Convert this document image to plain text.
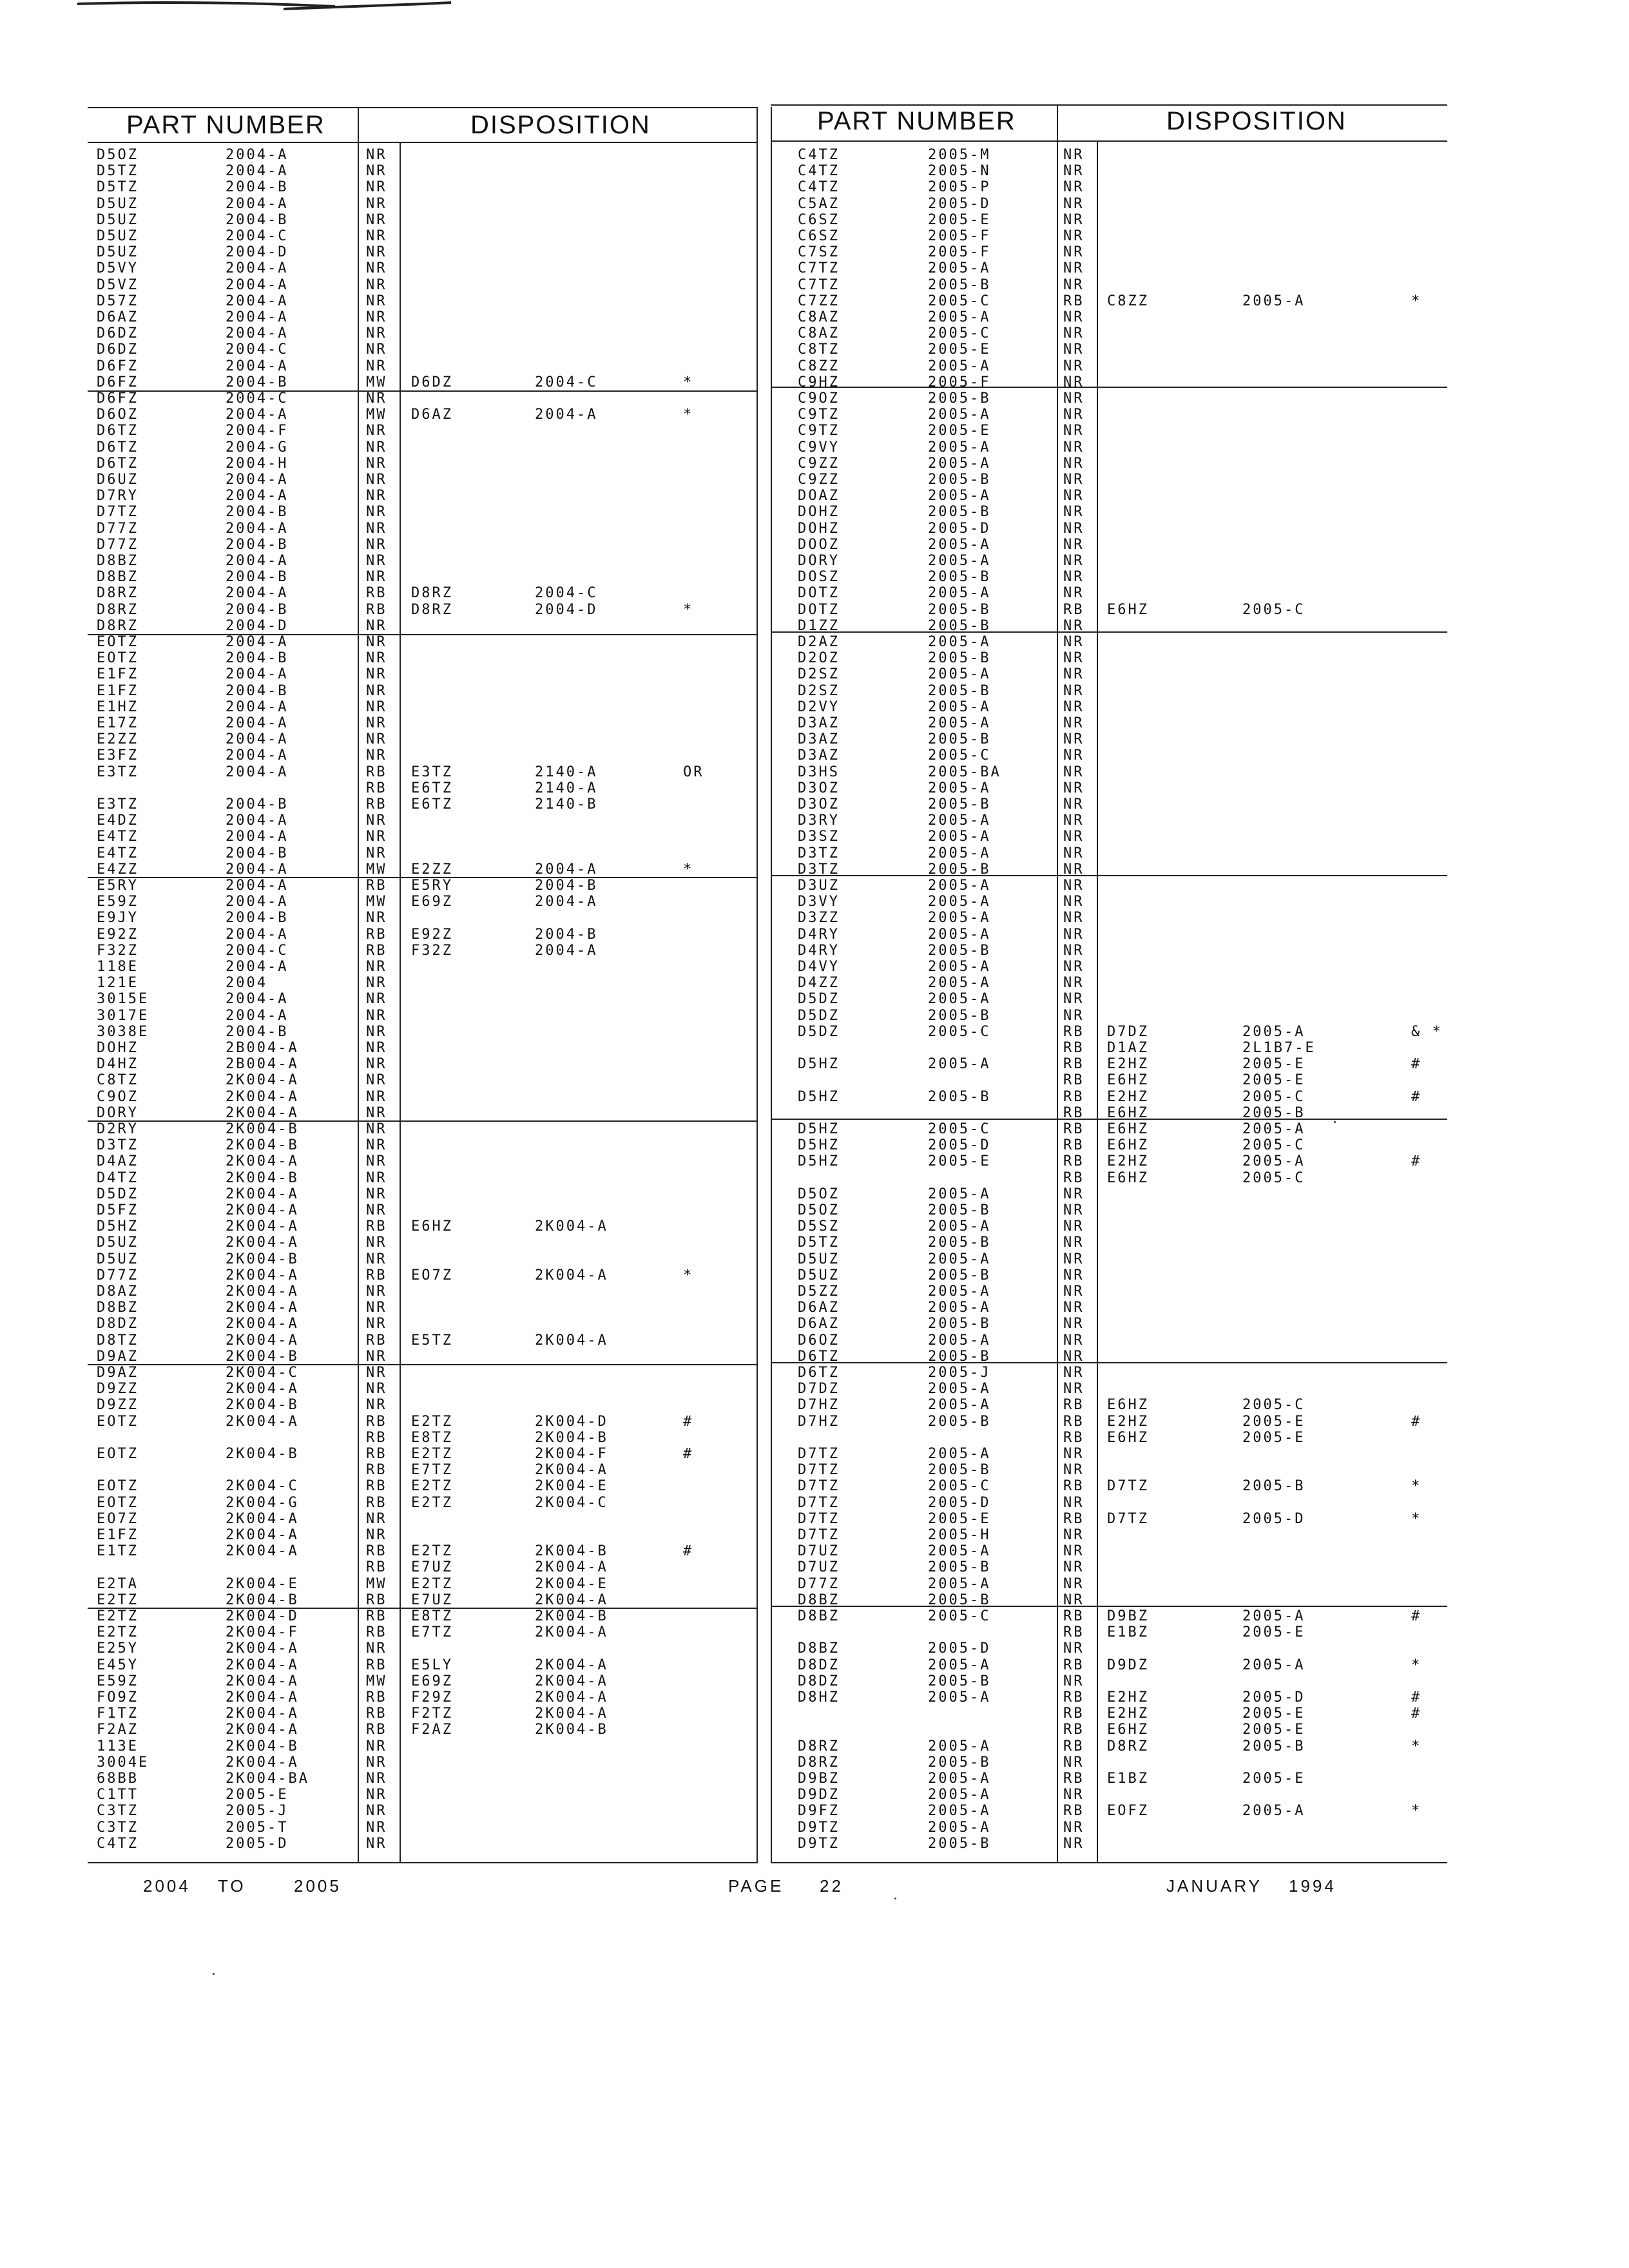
PART NUMBER	DISPOSITION	PART NUMBER	DISPOSITION
D5OZ	2004-A	NR
D5TZ	2004-A	NR
D5TZ	2004-B	NR
D5UZ	2004-A	NR
D5UZ	2004-B	NR
D5UZ	2004-C	NR
D5UZ	2004-D	NR
D5VY	2004-A	NR
D5VZ	2004-A	NR
D57Z	2004-A	NR
D6AZ	2004-A	NR
D6DZ	2004-A	NR
D6DZ	2004-C	NR
D6FZ	2004-A	NR
D6FZ	2004-B	MW D6DZ	2004-C	*
D6FZ	2004-C	NR
D6OZ	2004-A	MW D6AZ	2004-A	*
D6TZ	2004-F	NR
D6TZ	2004-G	NR
D6TZ	2004-H	NR
D6UZ	2004-A	NR
D7RY	2004-A	NR
D7TZ	2004-B	NR
D77Z	2004-A	NR
D77Z	2004-B	NR
D8BZ	2004-A	NR
D8BZ	2004-B	NR
D8RZ	2004-A	RB D8RZ	2004-C
D8RZ	2004-B	RB D8RZ	2004-D	*
D8RZ	2004-D	NR
EOTZ	2004-A	NR
EOTZ	2004-B	NR
E1FZ	2004-A	NR
E1FZ	2004-B	NR
E1HZ	2004-A	NR
E17Z	2004-A	NR
E2ZZ	2004-A	NR
E3FZ	2004-A	NR
E3TZ	2004-A	RB E3TZ	2140-A	OR
RB E6TZ	2140-A
E3TZ	2004-B	RB E6TZ	2140-B
E4DZ	2004-A	NR
E4TZ	2004-A	NR
E4TZ	2004-B	NR
E4ZZ	2004-A	MW E2ZZ	2004-A	*
E5RY	2004-A	RB E5RY	2004-B
E59Z	2004-A	MW E69Z	2004-A
E9JY	2004-B	NR
E92Z	2004-A	RB E92Z	2004-B
F32Z	2004-C	RB F32Z	2004-A
118E	2004-A	NR
121E	2004	NR
3015E	2004-A	NR
3017E	2004-A	NR
3038E	2004-B	NR
DOHZ	2B004-A	NR
D4HZ	2B004-A	NR
C8TZ	2K004-A	NR
C9OZ	2K004-A	NR
DORY	2K004-A	NR
D2RY	2K004-B	NR
D3TZ	2K004-B	NR
D4AZ	2K004-A	NR
D4TZ	2K004-B	NR
D5DZ	2K004-A	NR
D5FZ	2K004-A	NR
D5HZ	2K004-A	RB E6HZ	2K004-A
D5UZ	2K004-A	NR
D5UZ	2K004-B	NR
D77Z	2K004-A	RB EO7Z	2K004-A	*
D8AZ	2K004-A	NR
D8BZ	2K004-A	NR
D8DZ	2K004-A	NR
D8TZ	2K004-A	RB E5TZ	2K004-A
D9AZ	2K004-B	NR
D9AZ	2K004-C	NR
D9ZZ	2K004-A	NR
D9ZZ	2K004-B	NR
EOTZ	2K004-A	RB E2TZ	2K004-D	#
RB E8TZ	2K004-B
EOTZ	2K004-B	RB E2TZ	2K004-F	#
RB E7TZ	2K004-A
EOTZ	2K004-C	RB E2TZ	2K004-E
EOTZ	2K004-G	RB E2TZ	2K004-C
EO7Z	2K004-A	NR
E1FZ	2K004-A	NR
E1TZ	2K004-A	RB E2TZ	2K004-B	#
RB E7UZ	2K004-A
E2TA	2K004-E	MW E2TZ	2K004-E
E2TZ	2K004-B	RB E7UZ	2K004-A
E2TZ	2K004-D	RB E8TZ	2K004-B
E2TZ	2K004-F	RB E7TZ	2K004-A
E25Y	2K004-A	NR
E45Y	2K004-A	RB E5LY	2K004-A
E59Z	2K004-A	MW E69Z	2K004-A
FO9Z	2K004-A	RB F29Z	2K004-A
F1TZ	2K004-A	RB F2TZ	2K004-A
F2AZ	2K004-A	RB F2AZ	2K004-B
113E	2K004-B	NR
3004E	2K004-A	NR
68BB	2K004-BA	NR
C1TT	2005-E	NR
C3TZ	2005-J	NR
C3TZ	2005-T	NR
C4TZ	2005-D	NR
C4TZ	2005-M	NR
C4TZ	2005-N	NR
C4TZ	2005-P	NR
C5AZ	2005-D	NR
C6SZ	2005-E	NR
C6SZ	2005-F	NR
C7SZ	2005-F	NR
C7TZ	2005-A	NR
C7TZ	2005-B	NR
C7ZZ	2005-C	RB C8ZZ	2005-A	*
C8AZ	2005-A	NR
C8AZ	2005-C	NR
C8TZ	2005-E	NR
C8ZZ	2005-A	NR
C9HZ	2005-F	NR
C9OZ	2005-B	NR
C9TZ	2005-A	NR
C9TZ	2005-E	NR
C9VY	2005-A	NR
C9ZZ	2005-A	NR
C9ZZ	2005-B	NR
DOAZ	2005-A	NR
DOHZ	2005-B	NR
DOHZ	2005-D	NR
DOOZ	2005-A	NR
DORY	2005-A	NR
DOSZ	2005-B	NR
DOTZ	2005-A	NR
DOTZ	2005-B	RB E6HZ	2005-C
D1ZZ	2005-B	NR
D2AZ	2005-A	NR
D2OZ	2005-B	NR
D2SZ	2005-A	NR
D2SZ	2005-B	NR
D2VY	2005-A	NR
D3AZ	2005-A	NR
D3AZ	2005-B	NR
D3AZ	2005-C	NR
D3HS	2005-BA	NR
D3OZ	2005-A	NR
D3OZ	2005-B	NR
D3RY	2005-A	NR
D3SZ	2005-A	NR
D3TZ	2005-A	NR
D3TZ	2005-B	NR
D3UZ	2005-A	NR
D3VY	2005-A	NR
D3ZZ	2005-A	NR
D4RY	2005-A	NR
D4RY	2005-B	NR
D4VY	2005-A	NR
D4ZZ	2005-A	NR
D5DZ	2005-A	NR
D5DZ	2005-B	NR
D5DZ	2005-C	RB D7DZ	2005-A	& *
RB D1AZ	2L1B7-E
D5HZ	2005-A	RB E2HZ	2005-E	#
RB E6HZ	2005-E
D5HZ	2005-B	RB E2HZ	2005-C	#
RB E6HZ	2005-B
D5HZ	2005-C	RB E6HZ	2005-A
D5HZ	2005-D	RB E6HZ	2005-C
D5HZ	2005-E	RB E2HZ	2005-A	#
RB E6HZ	2005-C
D5OZ	2005-A	NR
D5OZ	2005-B	NR
D5SZ	2005-A	NR
D5TZ	2005-B	NR
D5UZ	2005-A	NR
D5UZ	2005-B	NR
D5ZZ	2005-A	NR
D6AZ	2005-A	NR
D6AZ	2005-B	NR
D6OZ	2005-A	NR
D6TZ	2005-B	NR
D6TZ	2005-J	NR
D7DZ	2005-A	NR
D7HZ	2005-A	RB E6HZ	2005-C
D7HZ	2005-B	RB E2HZ	2005-E	#
RB E6HZ	2005-E
D7TZ	2005-A	NR
D7TZ	2005-B	NR
D7TZ	2005-C	RB D7TZ	2005-B	*
D7TZ	2005-D	NR
D7TZ	2005-E	RB D7TZ	2005-D	*
D7TZ	2005-H	NR
D7UZ	2005-A	NR
D7UZ	2005-B	NR
D77Z	2005-A	NR
D8BZ	2005-B	NR
D8BZ	2005-C	RB D9BZ	2005-A	#
RB E1BZ	2005-E
D8BZ	2005-D	NR
D8DZ	2005-A	RB D9DZ	2005-A	*
D8DZ	2005-B	NR
D8HZ	2005-A	RB E2HZ	2005-D	#
RB E2HZ	2005-E	#
RB E6HZ	2005-E
D8RZ	2005-A	RB D8RZ	2005-B	*
D8RZ	2005-B	NR
D9BZ	2005-A	RB E1BZ	2005-E
D9DZ	2005-A	NR
D9FZ	2005-A	RB EOFZ	2005-A	*
D9TZ	2005-A	NR
D9TZ	2005-B	NR
2004 TO	2005	PAGE 22	JANUARY 1994
